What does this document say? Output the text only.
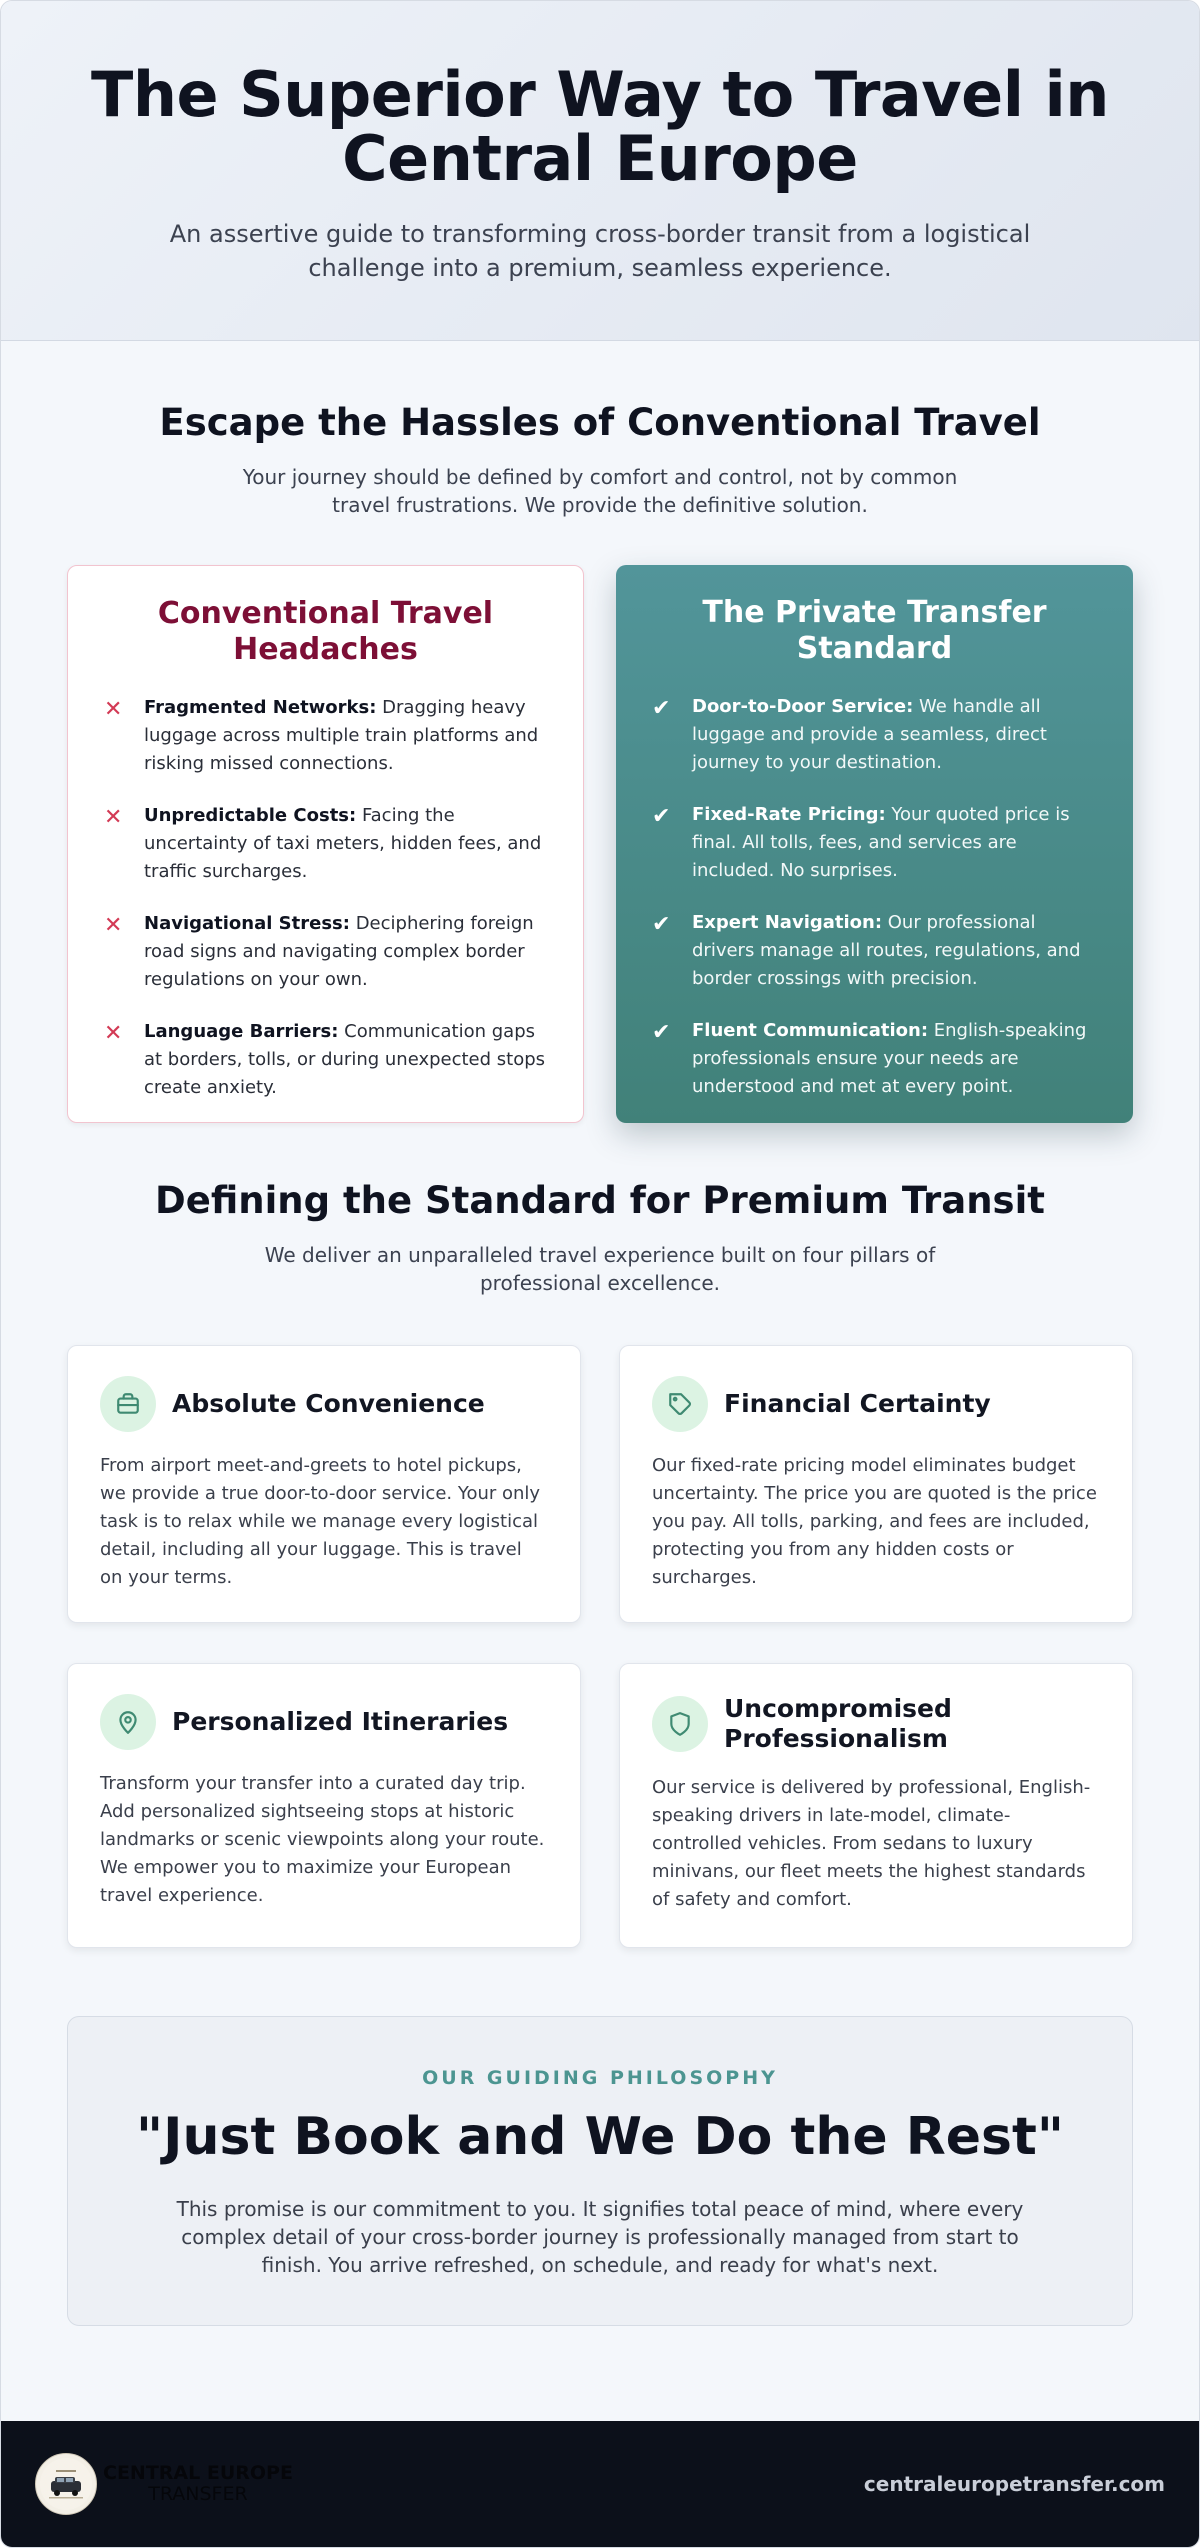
The Superior Way to Travel in Central Europe

An assertive guide to transforming cross-border transit from a logistical challenge into a premium, seamless experience.

Escape the Hassles of Conventional Travel

Your journey should be defined by comfort and control, not by common travel frustrations. We provide the definitive solution.

Conventional Travel Headaches
✕	Fragmented Networks: Dragging heavy luggage across multiple train platforms and risking missed connections.
✕	Unpredictable Costs: Facing the uncertainty of taxi meters, hidden fees, and traffic surcharges.
✕	Navigational Stress: Deciphering foreign road signs and navigating complex border regulations on your own.
✕	Language Barriers: Communication gaps at borders, tolls, or during unexpected stops create anxiety.
The Private Transfer Standard
✔	Door-to-Door Service: We handle all luggage and provide a seamless, direct journey to your destination.
✔	Fixed-Rate Pricing: Your quoted price is final. All tolls, fees, and services are included. No surprises.
✔	Expert Navigation: Our professional drivers manage all routes, regulations, and border crossings with precision.
✔	Fluent Communication: English-speaking professionals ensure your needs are understood and met at every point.
Defining the Standard for Premium Transit

We deliver an unparalleled travel experience built on four pillars of professional excellence.

Absolute Convenience

From airport meet-and-greets to hotel pickups, we provide a true door-to-door service. Your only task is to relax while we manage every logistical detail, including all your luggage. This is travel on your terms.

Financial Certainty

Our fixed-rate pricing model eliminates budget uncertainty. The price you are quoted is the price you pay. All tolls, parking, and fees are included, protecting you from any hidden costs or surcharges.

Personalized Itineraries

Transform your transfer into a curated day trip. Add personalized sightseeing stops at historic landmarks or scenic viewpoints along your route. We empower you to maximize your European travel experience.

Uncompromised Professionalism

Our service is delivered by professional, English-speaking drivers in late-model, climate-controlled vehicles. From sedans to luxury minivans, our fleet meets the highest standards of safety and comfort.

OUR GUIDING PHILOSOPHY
"Just Book and We Do the Rest"

This promise is our commitment to you. It signifies total peace of mind, where every complex detail of your cross-border journey is professionally managed from start to finish. You arrive refreshed, on schedule, and ready for what's next.

CENTRAL EUROPE
TRANSFER	centraleuropetransfer.com
